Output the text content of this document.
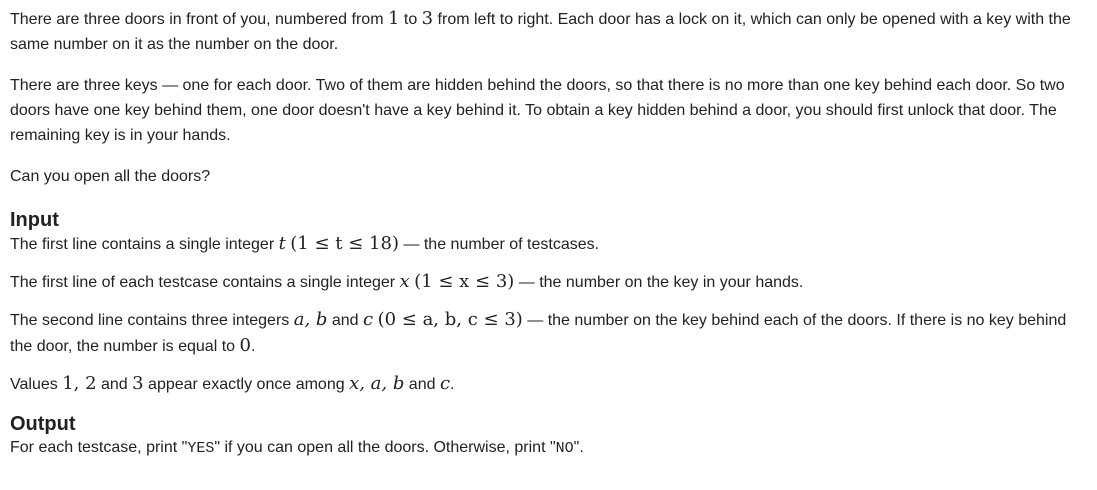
There are three doors in front of you, numbered from 1 to 3 from left to right. Each door has a lock on it, which can only be opened with a key with the same number on it as the number on the door.

There are three keys — one for each door. Two of them are hidden behind the doors, so that there is no more than one key behind each door. So two doors have one key behind them, one door doesn't have a key behind it. To obtain a key hidden behind a door, you should first unlock that door. The remaining key is in your hands.

Can you open all the doors?

Input

The first line contains a single integer t (1 ≤ t ≤ 18) — the number of testcases.

The first line of each testcase contains a single integer x (1 ≤ x ≤ 3) — the number on the key in your hands.

The second line contains three integers a, b and c (0 ≤ a, b, c ≤ 3) — the number on the key behind each of the doors. If there is no key behind the door, the number is equal to 0.

Values 1, 2 and 3 appear exactly once among x, a, b and c.

Output

For each testcase, print "YES" if you can open all the doors. Otherwise, print "NO".
